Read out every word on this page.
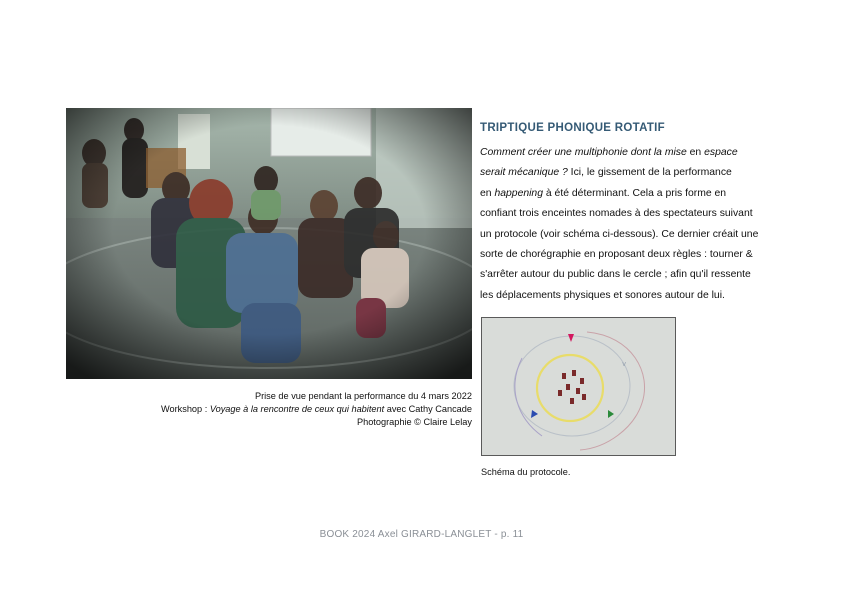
Prise de vue pendant la performance du 4 mars 2022
Workshop : Voyage à la rencontre de ceux qui habitent avec Cathy Cancade
Photographie © Claire Lelay
TRIPTIQUE PHONIQUE ROTATIF
Comment créer une multiphonie dont la mise en espace
serait mécanique ? Ici, le gissement de la performance
en happening à été déterminant. Cela a pris forme en
confiant trois enceintes nomades à des spectateurs suivant
un protocole (voir schéma ci-dessous). Ce dernier créait une
sorte de chorégraphie en proposant deux règles : tourner &
s'arrêter autour du public dans le cercle ; afin qu'il ressente
les déplacements physiques et sonores autour de lui.
v
Schéma du protocole.
BOOK 2024 Axel GIRARD-LANGLET - p. 11
